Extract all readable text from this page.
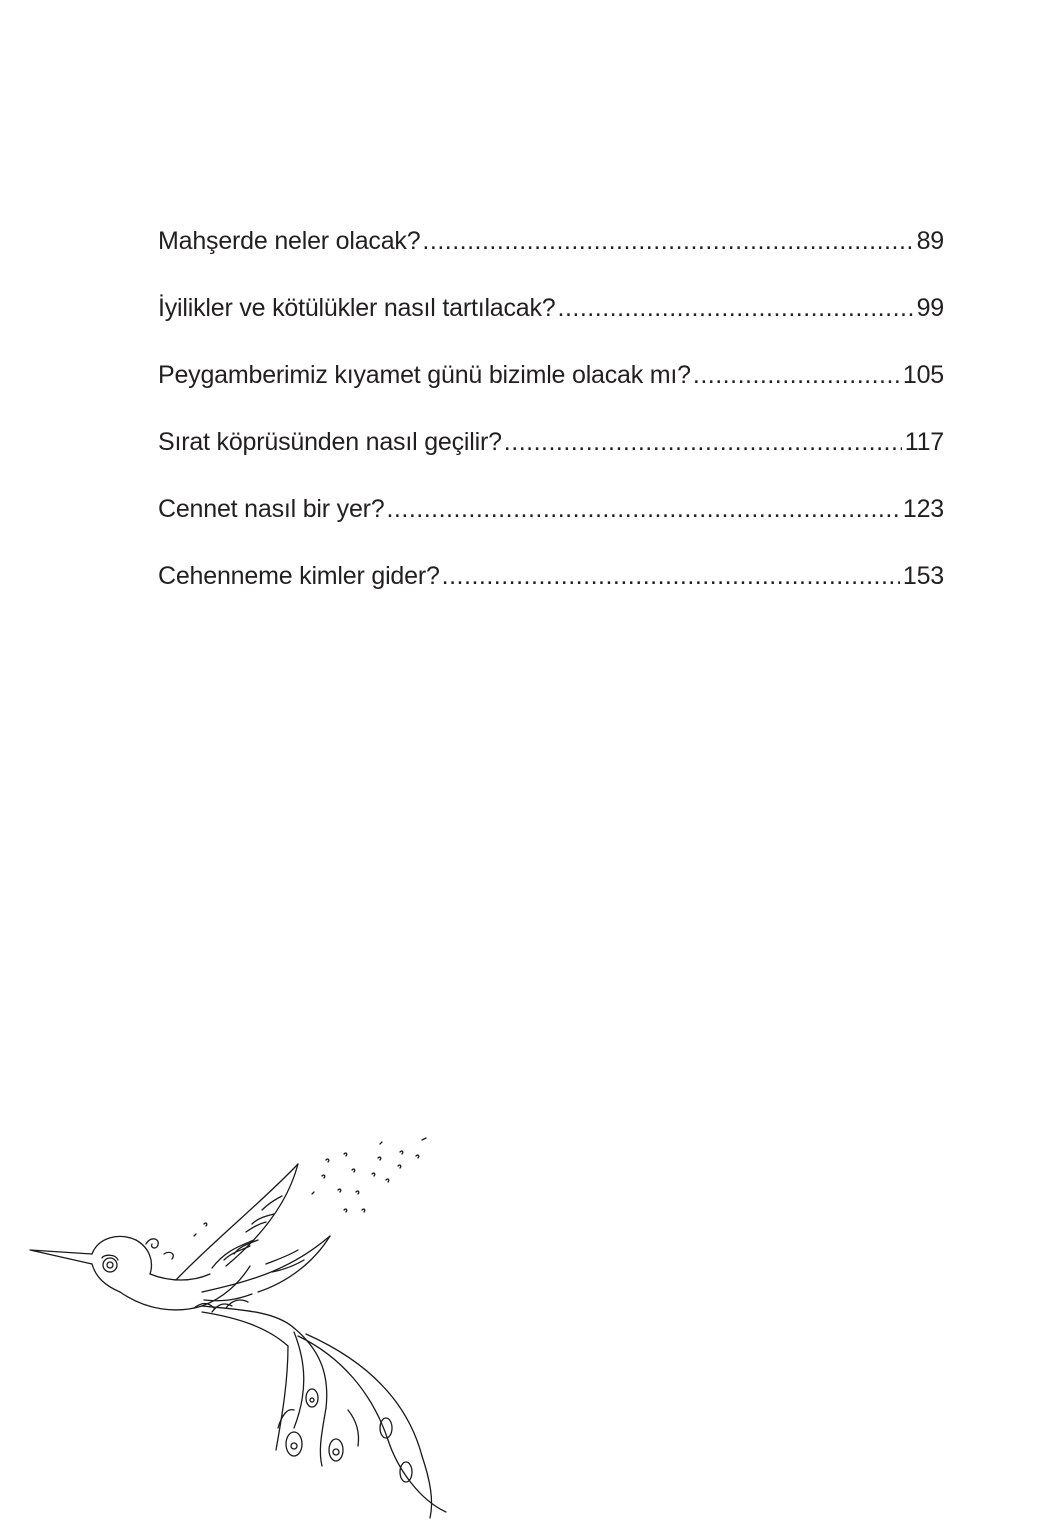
Mahşerde neler olacak? .....	89
İyilikler ve kötülükler nasıl tartılacak? .....	99
Peygamberimiz kıyamet günü bizimle olacak mı? .....	105
Sırat köprüsünden nasıl geçilir? .....	117
Cennet nasıl bir yer? .....	123
Cehenneme kimler gider? .....	153
